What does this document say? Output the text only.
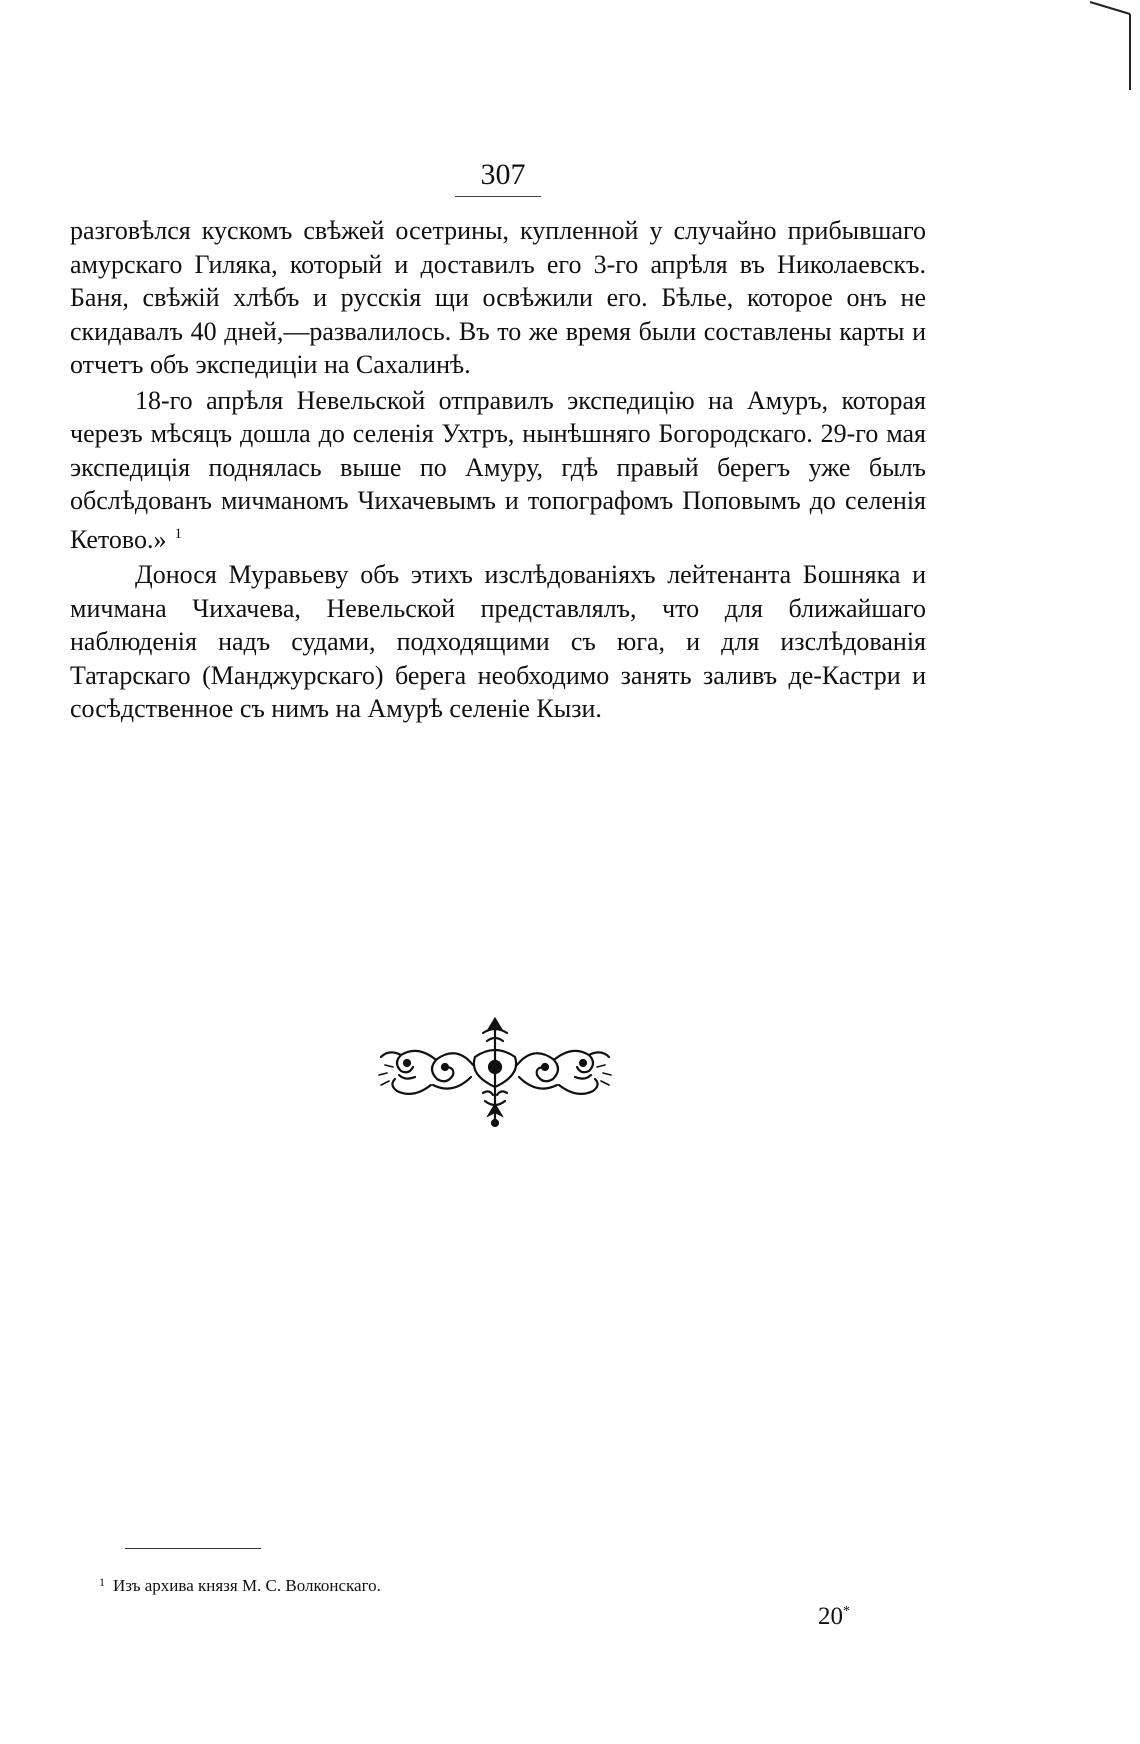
307

разговѣлся кускомъ свѣжей осетрины, купленной у случайно прибывшаго амурскаго Гиляка, который и доставилъ его 3-го апрѣля въ Николаевскъ. Баня, свѣжій хлѣбъ и русскія щи освѣжили его. Бѣлье, которое онъ не скидавалъ 40 дней,—развалилось. Въ то же время были составлены карты и отчетъ объ экспедиціи на Сахалинѣ.

18-го апрѣля Невельской отправилъ экспедицію на Амуръ, которая черезъ мѣсяцъ дошла до селенія Ухтръ, нынѣшняго Богородскаго. 29-го мая экспедиція поднялась выше по Амуру, гдѣ правый берегъ уже былъ обслѣдованъ мичманомъ Чихачевымъ и топографомъ Поповымъ до селенія Кетово.» $^1$

Донося Муравьеву объ этихъ изслѣдованіяхъ лейтенанта Бошняка и мичмана Чихачева, Невельской представлялъ, что для ближайшаго наблюденія надъ судами, подходящими съ юга, и для изслѣдованія Татарскаго (Манджурскаго) берега необходимо занять заливъ де-Кастри и сосѣдственное съ нимъ на Амурѣ селеніе Кызи.

$^1$ Изъ архива князя М. С. Волконскаго.
20*
